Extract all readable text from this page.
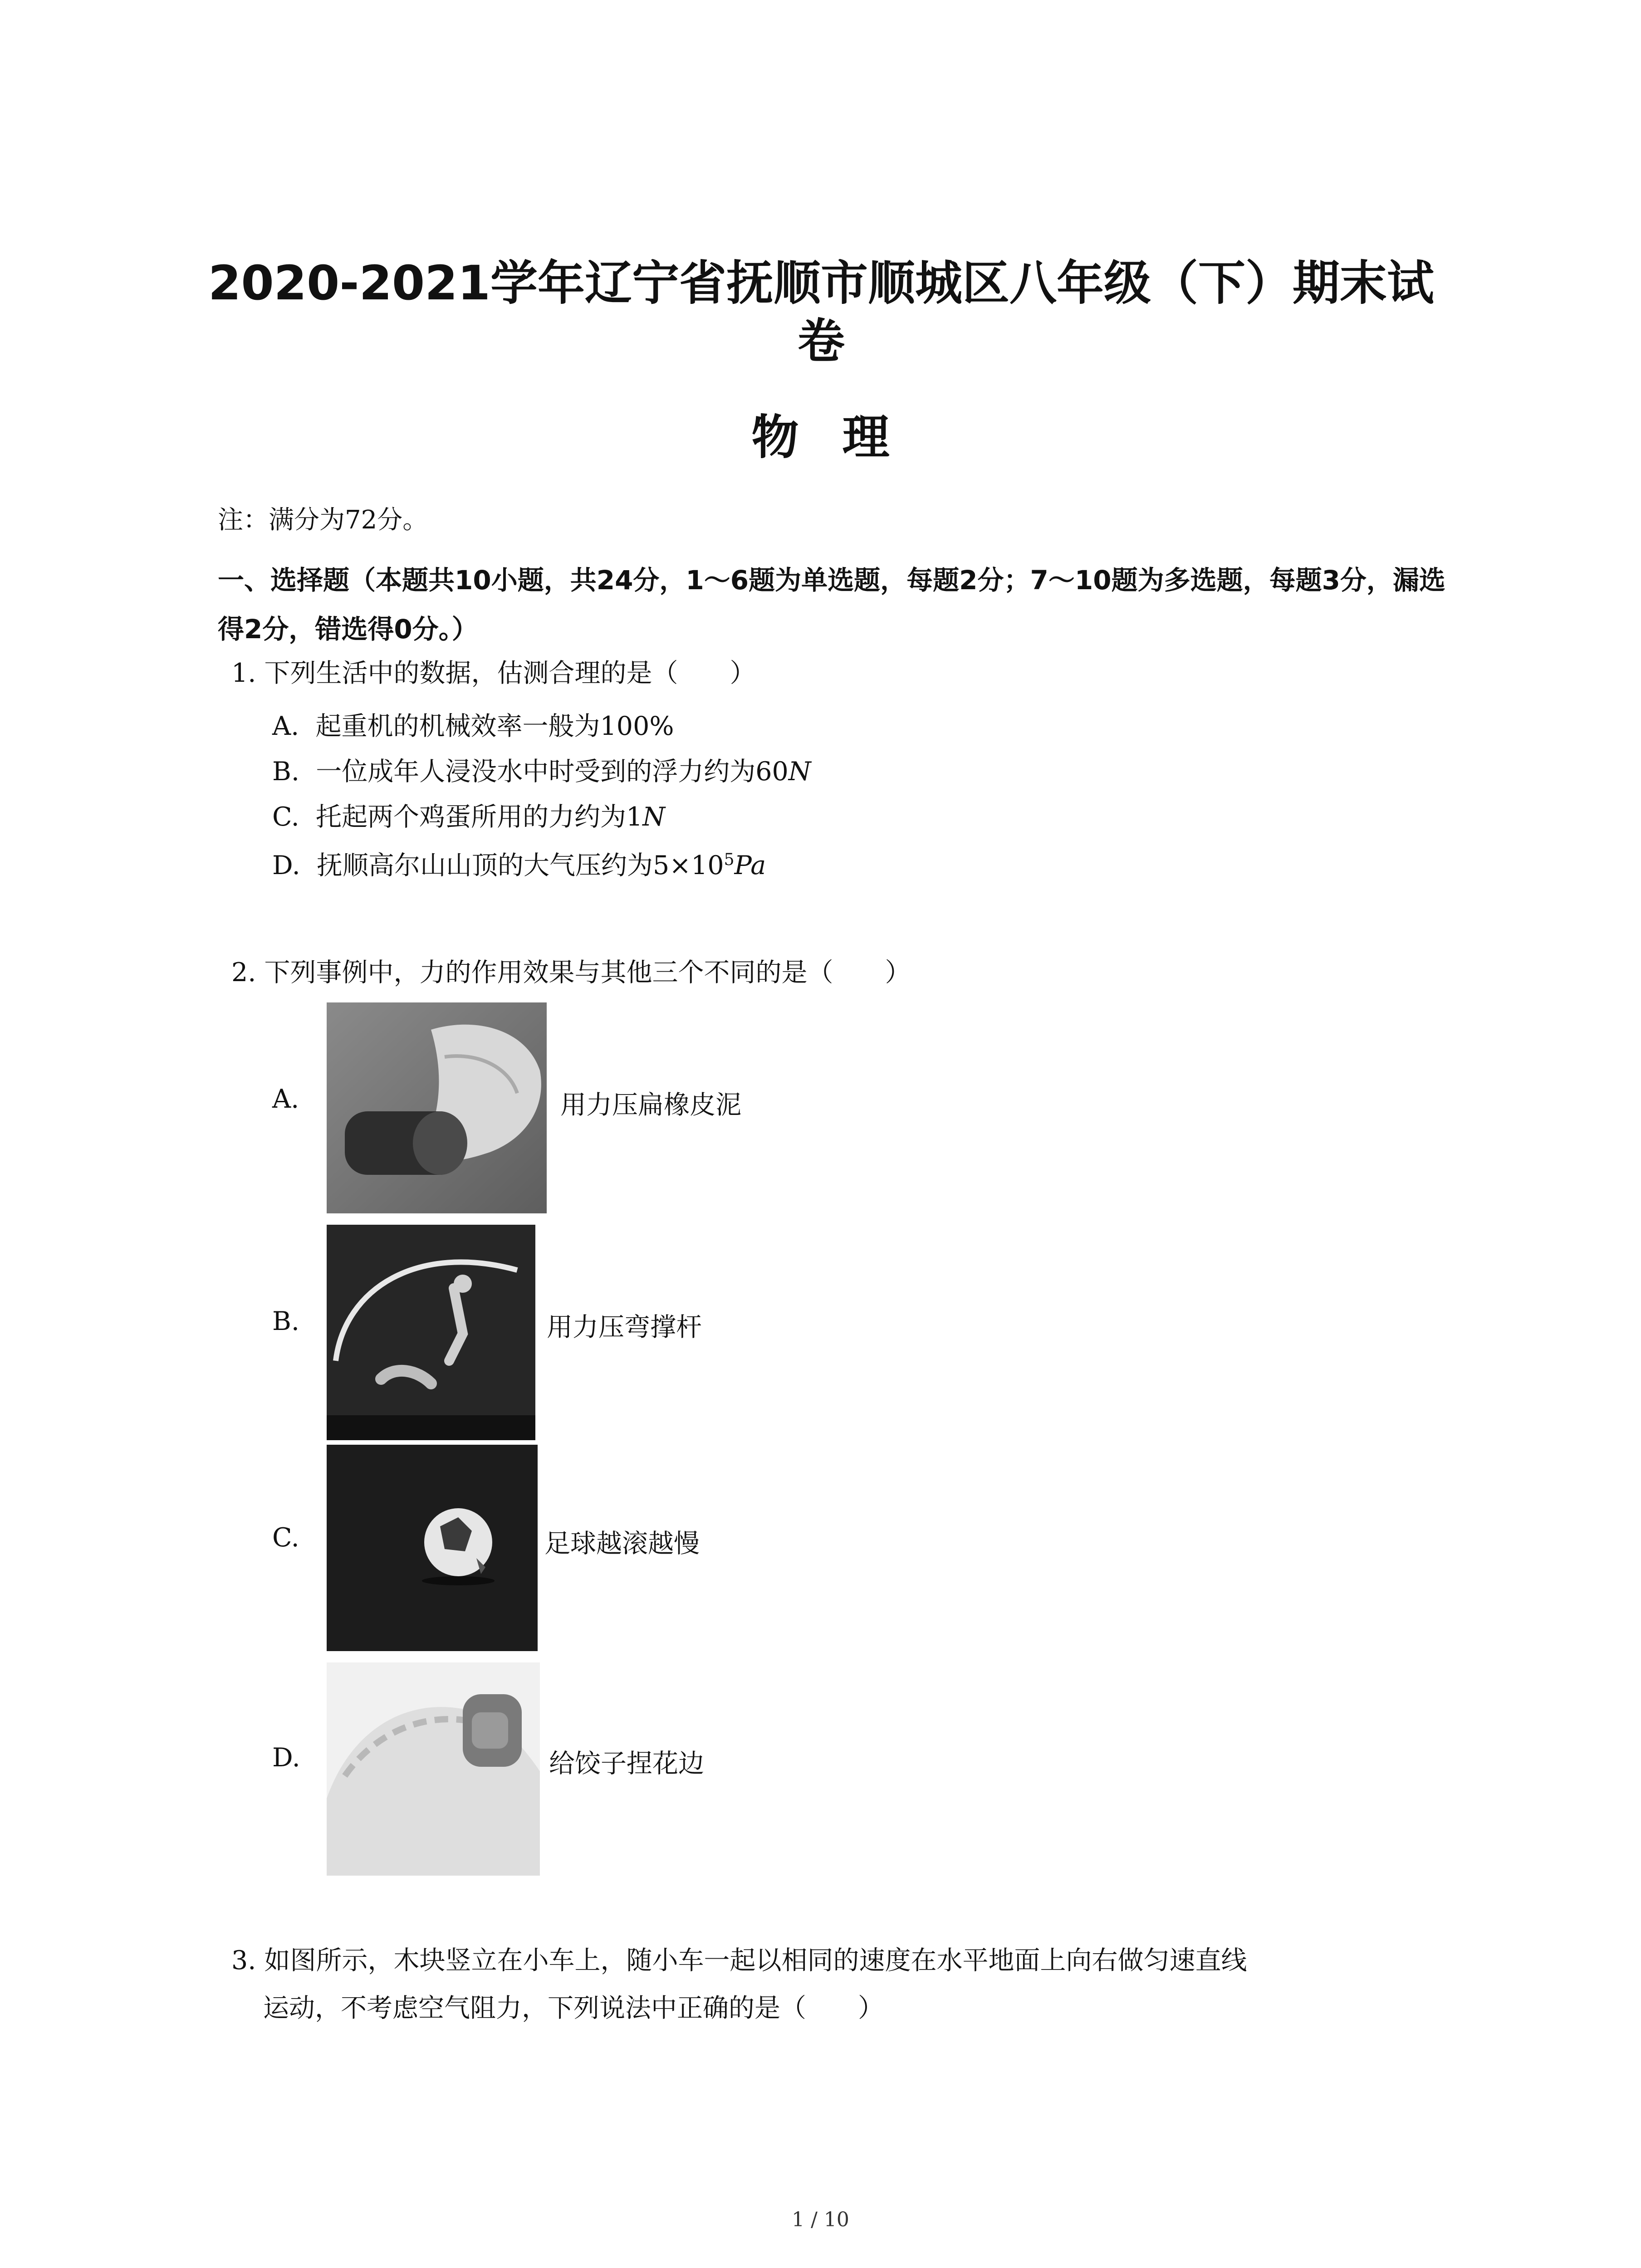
2020-2021学年辽宁省抚顺市顺城区八年级（下）期末试卷
物理
注：满分为72分。
一、选择题（本题共10小题，共24分，1～6题为单选题，每题2分；7～10题为多选题，每题3分，漏选得2分，错选得0分。）
1. 下列生活中的数据，估测合理的是（　　）
A. 起重机的机械效率一般为100%
B. 一位成年人浸没水中时受到的浮力约为60N
C. 托起两个鸡蛋所用的力约为1N
D. 抚顺高尔山山顶的大气压约为$5\times 10^5Pa$
2. 下列事例中，力的作用效果与其他三个不同的是（　　）
A.	用力压扁橡皮泥
B.	用力压弯撑杆
C.	足球越滚越慢
D.	给饺子捏花边
3. 如图所示，木块竖立在小车上，随小车一起以相同的速度在水平地面上向右做匀速直线
运动，不考虑空气阻力，下列说法中正确的是（　　）
1 / 10
